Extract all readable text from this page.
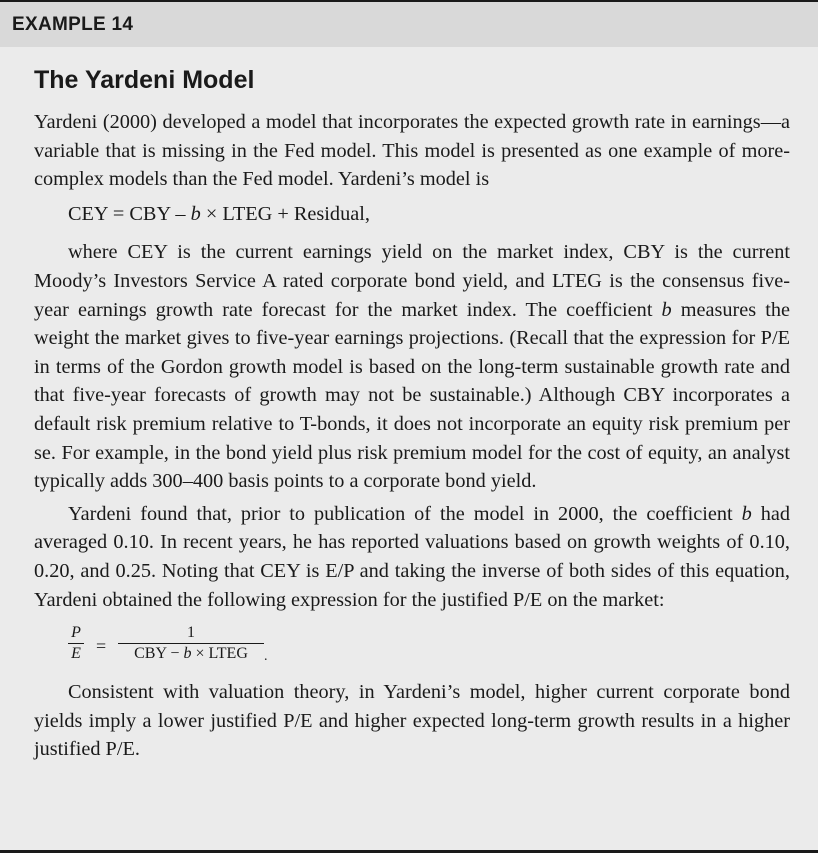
EXAMPLE 14
The Yardeni Model

Yardeni (2000) developed a model that incorporates the expected growth rate in earnings—a variable that is missing in the Fed model. This model is presented as one example of more-complex models than the Fed model. Yardeni’s model is

CEY = CBY – b × LTEG + Residual,

where CEY is the current earnings yield on the market index, CBY is the current Moody’s Investors Service A rated corporate bond yield, and LTEG is the consensus five-year earnings growth rate forecast for the market index. The coefficient b measures the weight the market gives to five-year earnings projections. (Recall that the expression for P/E in terms of the Gordon growth model is based on the long-term sustainable growth rate and that five-year forecasts of growth may not be sustainable.) Although CBY incorporates a default risk premium relative to T-bonds, it does not incorporate an equity risk premium per se. For example, in the bond yield plus risk premium model for the cost of equity, an analyst typically adds 300–400 basis points to a corporate bond yield.

Yardeni found that, prior to publication of the model in 2000, the coefficient b had averaged 0.10. In recent years, he has reported valuations based on growth weights of 0.10, 0.20, and 0.25. Noting that CEY is E/P and taking the inverse of both sides of this equation, Yardeni obtained the following expression for the justified P/E on the market:

P
E =
1
CBY − b × LTEG	.

Consistent with valuation theory, in Yardeni’s model, higher current corporate bond yields imply a lower justified P/E and higher expected long-term growth results in a higher justified P/E.
